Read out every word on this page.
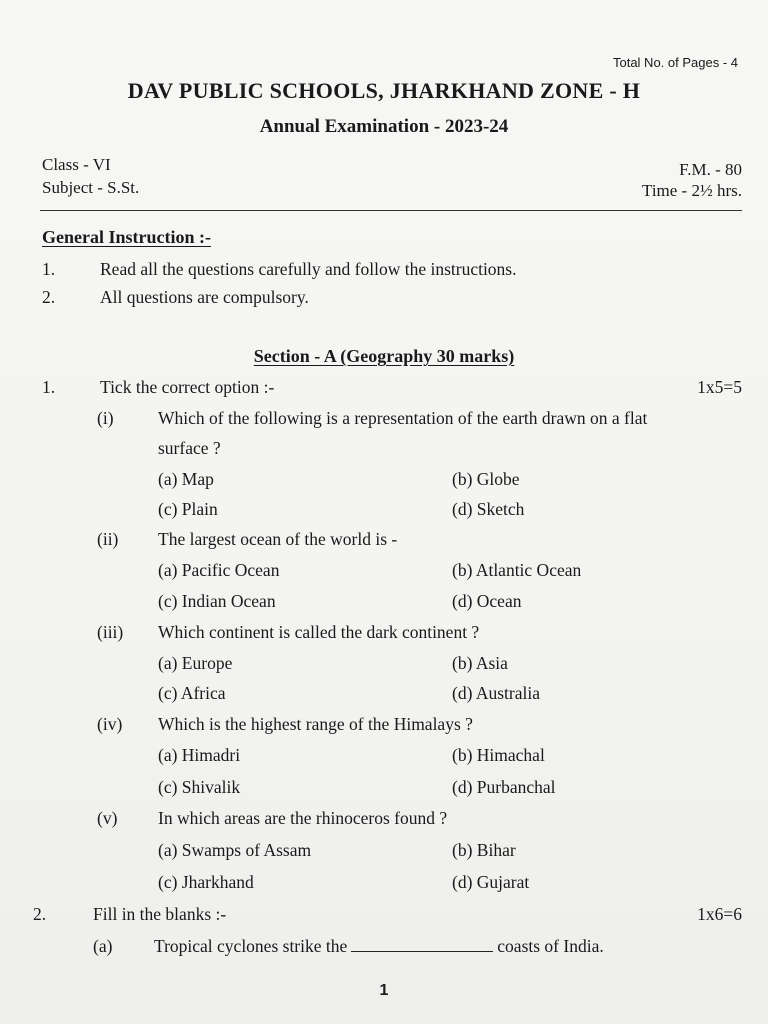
Total No. of Pages - 4
DAV PUBLIC SCHOOLS, JHARKHAND ZONE - H
Annual Examination - 2023-24
Class - VI
Subject - S.St.
F.M. - 80
Time - 2½ hrs.
General Instruction :-
1.	Read all the questions carefully and follow the instructions.
2.	All questions are compulsory.
Section - A (Geography 30 marks)
1.	Tick the correct option :-	1x5=5
(i)	Which of the following is a representation of the earth drawn on a flat
surface ?
(a) Map	(b) Globe
(c) Plain	(d) Sketch
(ii) The largest ocean of the world is -
(a) Pacific Ocean	(b) Atlantic Ocean
(c) Indian Ocean	(d) Ocean
(iii) Which continent is called the dark continent ?
(a) Europe	(b) Asia
(c) Africa	(d) Australia
(iv) Which is the highest range of the Himalays ?
(a) Himadri	(b) Himachal
(c) Shivalik	(d) Purbanchal
(v) In which areas are the rhinoceros found ?
(a) Swamps of Assam	(b) Bihar
(c) Jharkhand	(d) Gujarat
2.	Fill in the blanks :-	1x6=6
(a) Tropical cyclones strike the	coasts of India.
1
